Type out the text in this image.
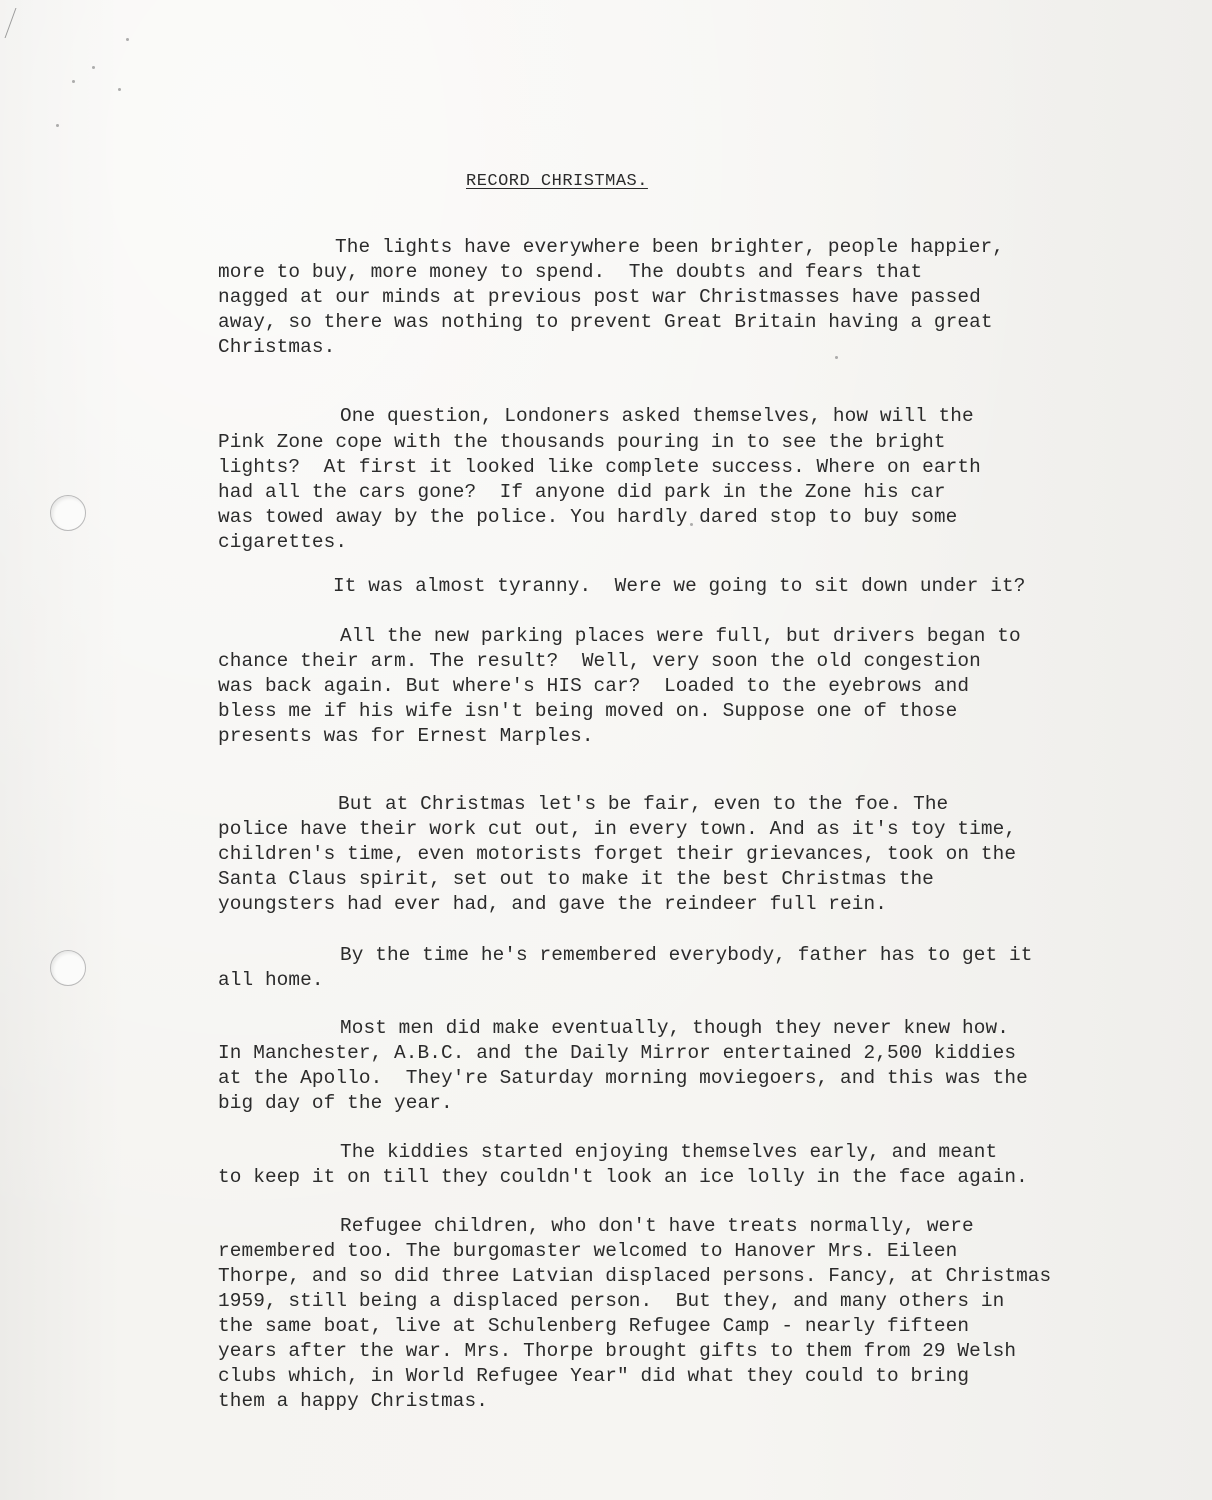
RECORD CHRISTMAS.
The lights have everywhere been brighter, people happier,
more to buy, more money to spend.  The doubts and fears that
nagged at our minds at previous post war Christmasses have passed
away, so there was nothing to prevent Great Britain having a great
Christmas.
One question, Londoners asked themselves, how will the
Pink Zone cope with the thousands pouring in to see the bright
lights?  At first it looked like complete success. Where on earth
had all the cars gone?  If anyone did park in the Zone his car
was towed away by the police. You hardly dared stop to buy some
cigarettes.
It was almost tyranny.  Were we going to sit down under it?
All the new parking places were full, but drivers began to
chance their arm. The result?  Well, very soon the old congestion
was back again. But where's HIS car?  Loaded to the eyebrows and
bless me if his wife isn't being moved on. Suppose one of those
presents was for Ernest Marples.
But at Christmas let's be fair, even to the foe. The
police have their work cut out, in every town. And as it's toy time,
children's time, even motorists forget their grievances, took on the
Santa Claus spirit, set out to make it the best Christmas the
youngsters had ever had, and gave the reindeer full rein.
By the time he's remembered everybody, father has to get it
all home.
Most men did make eventually, though they never knew how.
In Manchester, A.B.C. and the Daily Mirror entertained 2,500 kiddies
at the Apollo.  They're Saturday morning moviegoers, and this was the
big day of the year.
The kiddies started enjoying themselves early, and meant
to keep it on till they couldn't look an ice lolly in the face again.
Refugee children, who don't have treats normally, were
remembered too. The burgomaster welcomed to Hanover Mrs. Eileen
Thorpe, and so did three Latvian displaced persons. Fancy, at Christmas
1959, still being a displaced person.  But they, and many others in
the same boat, live at Schulenberg Refugee Camp - nearly fifteen
years after the war. Mrs. Thorpe brought gifts to them from 29 Welsh
clubs which, in World Refugee Year" did what they could to bring
them a happy Christmas.
